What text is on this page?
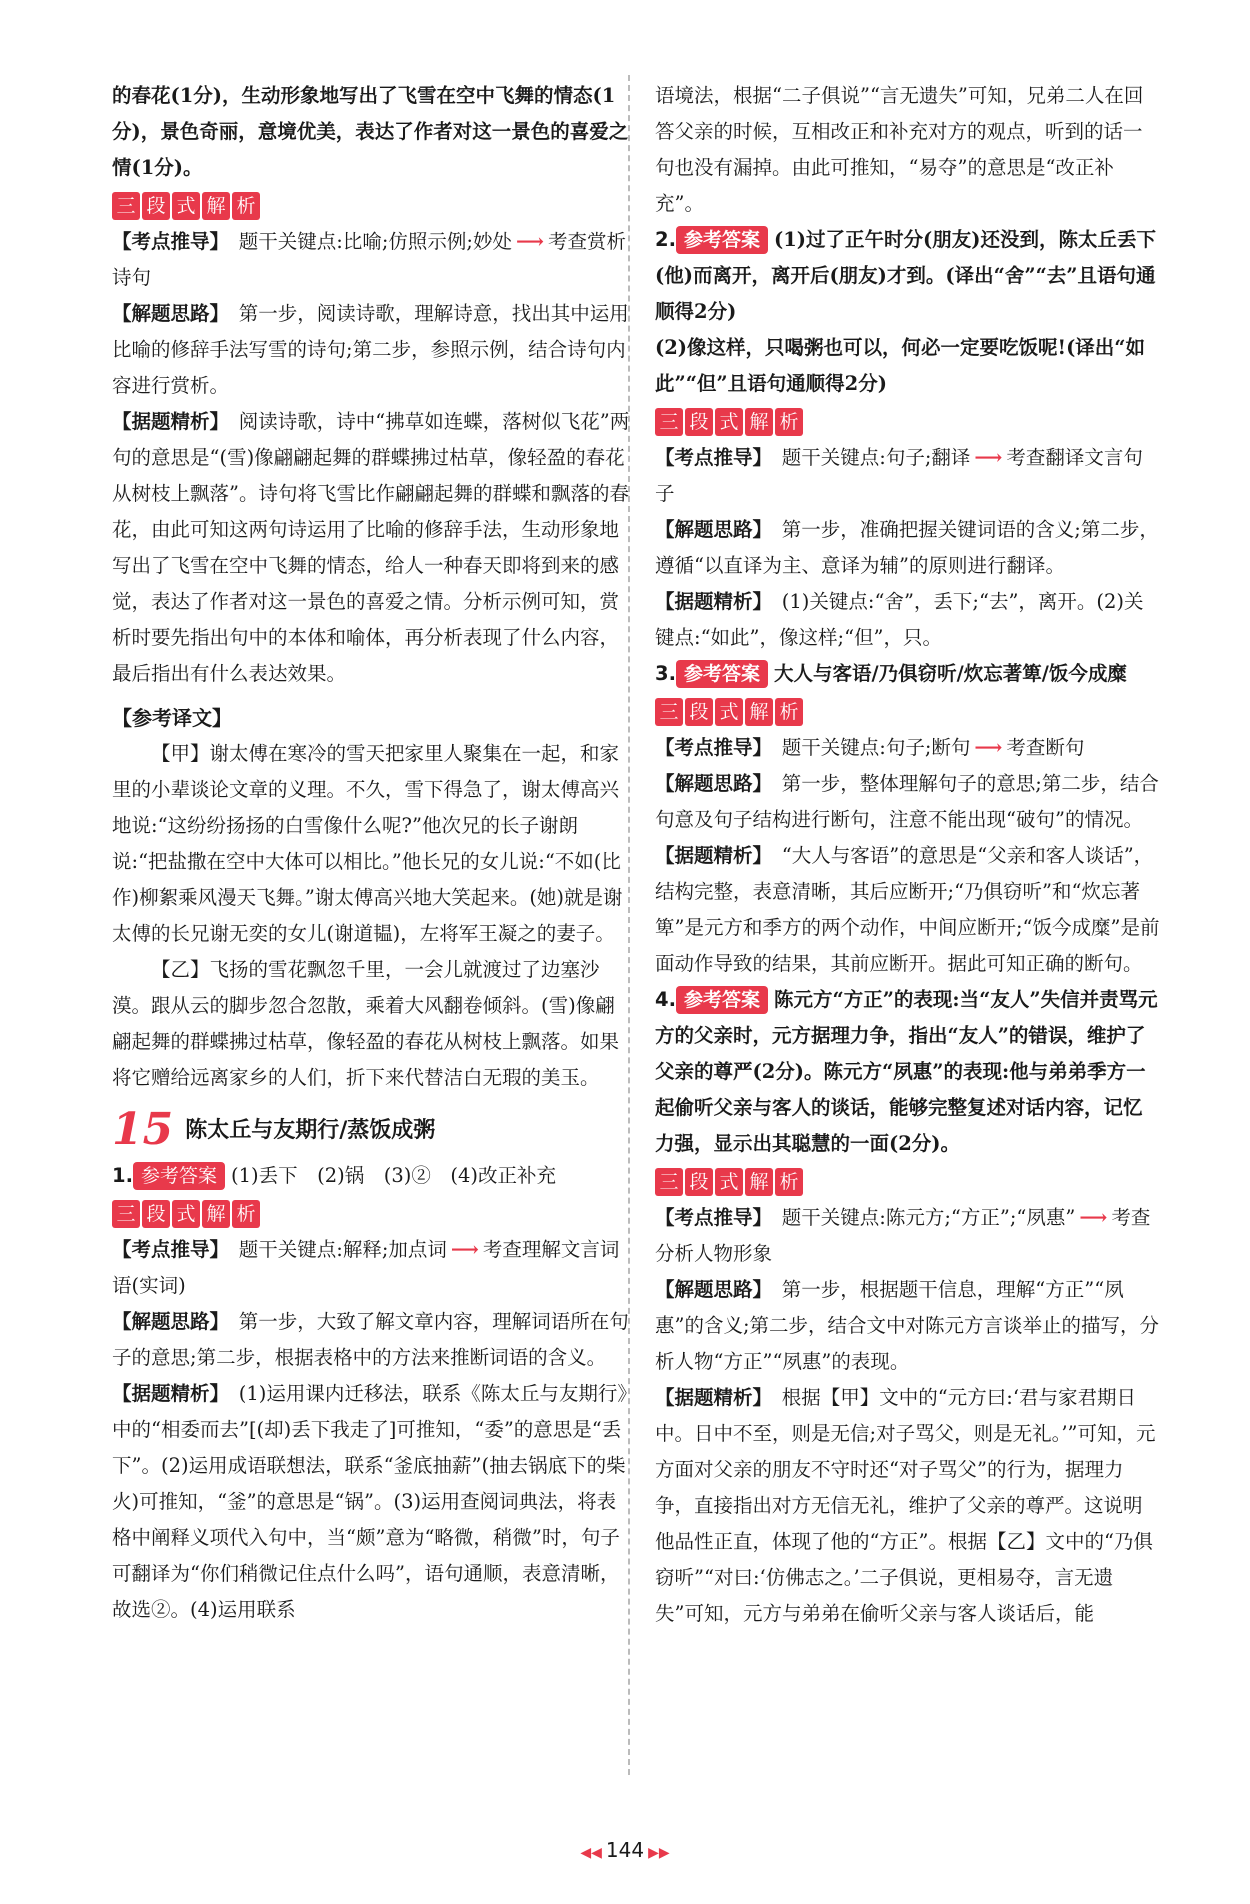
的春花(1分)，生动形象地写出了飞雪在空中飞舞的情态(1分)，景色奇丽，意境优美，表达了作者对这一景色的喜爱之情(1分)。

三 段 式 解 析

【考点推导】　 题干关键点:比喻;仿照示例;妙处 ⟶ 考查赏析诗句

【解题思路】　 第一步，阅读诗歌，理解诗意，找出其中运用比喻的修辞手法写雪的诗句;第二步，参照示例，结合诗句内容进行赏析。

【据题精析】　 阅读诗歌，诗中“拂草如连蝶，落树似飞花”两句的意思是“(雪)像翩翩起舞的群蝶拂过枯草，像轻盈的春花从树枝上飘落”。诗句将飞雪比作翩翩起舞的群蝶和飘落的春花，由此可知这两句诗运用了比喻的修辞手法，生动形象地写出了飞雪在空中飞舞的情态，给人一种春天即将到来的感觉，表达了作者对这一景色的喜爱之情。分析示例可知，赏析时要先指出句中的本体和喻体，再分析表现了什么内容，最后指出有什么表达效果。

【参考译文】

【甲】谢太傅在寒冷的雪天把家里人聚集在一起，和家里的小辈谈论文章的义理。不久，雪下得急了，谢太傅高兴地说:“这纷纷扬扬的白雪像什么呢?”他次兄的长子谢朗说:“把盐撒在空中大体可以相比。”他长兄的女儿说:“不如(比作)柳絮乘风漫天飞舞。”谢太傅高兴地大笑起来。(她)就是谢太傅的长兄谢无奕的女儿(谢道韫)，左将军王凝之的妻子。

【乙】飞扬的雪花飘忽千里，一会儿就渡过了边塞沙漠。跟从云的脚步忽合忽散，乘着大风翻卷倾斜。(雪)像翩翩起舞的群蝶拂过枯草，像轻盈的春花从树枝上飘落。如果将它赠给远离家乡的人们，折下来代替洁白无瑕的美玉。

15 陈太丘与友期行/蒸饭成粥

1. 参考答案 (1)丢下　(2)锅　(3)②　(4)改正补充

三 段 式 解 析

【考点推导】　 题干关键点:解释;加点词 ⟶ 考查理解文言词语(实词)

【解题思路】　 第一步，大致了解文章内容，理解词语所在句子的意思;第二步，根据表格中的方法来推断词语的含义。

【据题精析】　 (1)运用课内迁移法，联系《陈太丘与友期行》中的“相委而去”[(却)丢下我走了]可推知，“委”的意思是“丢下”。(2)运用成语联想法，联系“釜底抽薪”(抽去锅底下的柴火)可推知，“釜”的意思是“锅”。(3)运用查阅词典法，将表格中阐释义项代入句中，当“颇”意为“略微，稍微”时，句子可翻译为“你们稍微记住点什么吗”，语句通顺，表意清晰，故选②。(4)运用联系

语境法，根据“二子俱说”“言无遗失”可知，兄弟二人在回答父亲的时候，互相改正和补充对方的观点，听到的话一句也没有漏掉。由此可推知，“易夺”的意思是“改正补充”。

2. 参考答案 (1)过了正午时分(朋友)还没到，陈太丘丢下(他)而离开，离开后(朋友)才到。(译出“舍”“去”且语句通顺得2分)

(2)像这样，只喝粥也可以，何必一定要吃饭呢!(译出“如此”“但”且语句通顺得2分)

三 段 式 解 析

【考点推导】　 题干关键点:句子;翻译 ⟶ 考查翻译文言句子

【解题思路】　 第一步，准确把握关键词语的含义;第二步，遵循“以直译为主、意译为辅”的原则进行翻译。

【据题精析】　 (1)关键点:“舍”，丢下;“去”，离开。(2)关键点:“如此”，像这样;“但”，只。

3. 参考答案 大人与客语/乃俱窃听/炊忘著箄/饭今成糜

三 段 式 解 析

【考点推导】　 题干关键点:句子;断句 ⟶ 考查断句

【解题思路】　 第一步，整体理解句子的意思;第二步，结合句意及句子结构进行断句，注意不能出现“破句”的情况。

【据题精析】　 “大人与客语”的意思是“父亲和客人谈话”，结构完整，表意清晰，其后应断开;“乃俱窃听”和“炊忘著箄”是元方和季方的两个动作，中间应断开;“饭今成糜”是前面动作导致的结果，其前应断开。据此可知正确的断句。

4. 参考答案 陈元方“方正”的表现:当“友人”失信并责骂元方的父亲时，元方据理力争，指出“友人”的错误，维护了父亲的尊严(2分)。陈元方“夙惠”的表现:他与弟弟季方一起偷听父亲与客人的谈话，能够完整复述对话内容，记忆力强，显示出其聪慧的一面(2分)。

三 段 式 解 析

【考点推导】　 题干关键点:陈元方;“方正”;“夙惠” ⟶ 考查分析人物形象

【解题思路】　 第一步，根据题干信息，理解“方正”“夙惠”的含义;第二步，结合文中对陈元方言谈举止的描写，分析人物“方正”“夙惠”的表现。

【据题精析】　 根据【甲】文中的“元方曰:‘君与家君期日中。日中不至，则是无信;对子骂父，则是无礼。’”可知，元方面对父亲的朋友不守时还“对子骂父”的行为，据理力争，直接指出对方无信无礼，维护了父亲的尊严。这说明他品性正直，体现了他的“方正”。根据【乙】文中的“乃俱窃听”“对曰:‘仿佛志之。’二子俱说，更相易夺，言无遗失”可知，元方与弟弟在偷听父亲与客人谈话后，能

◀◀ 144 ▶▶
